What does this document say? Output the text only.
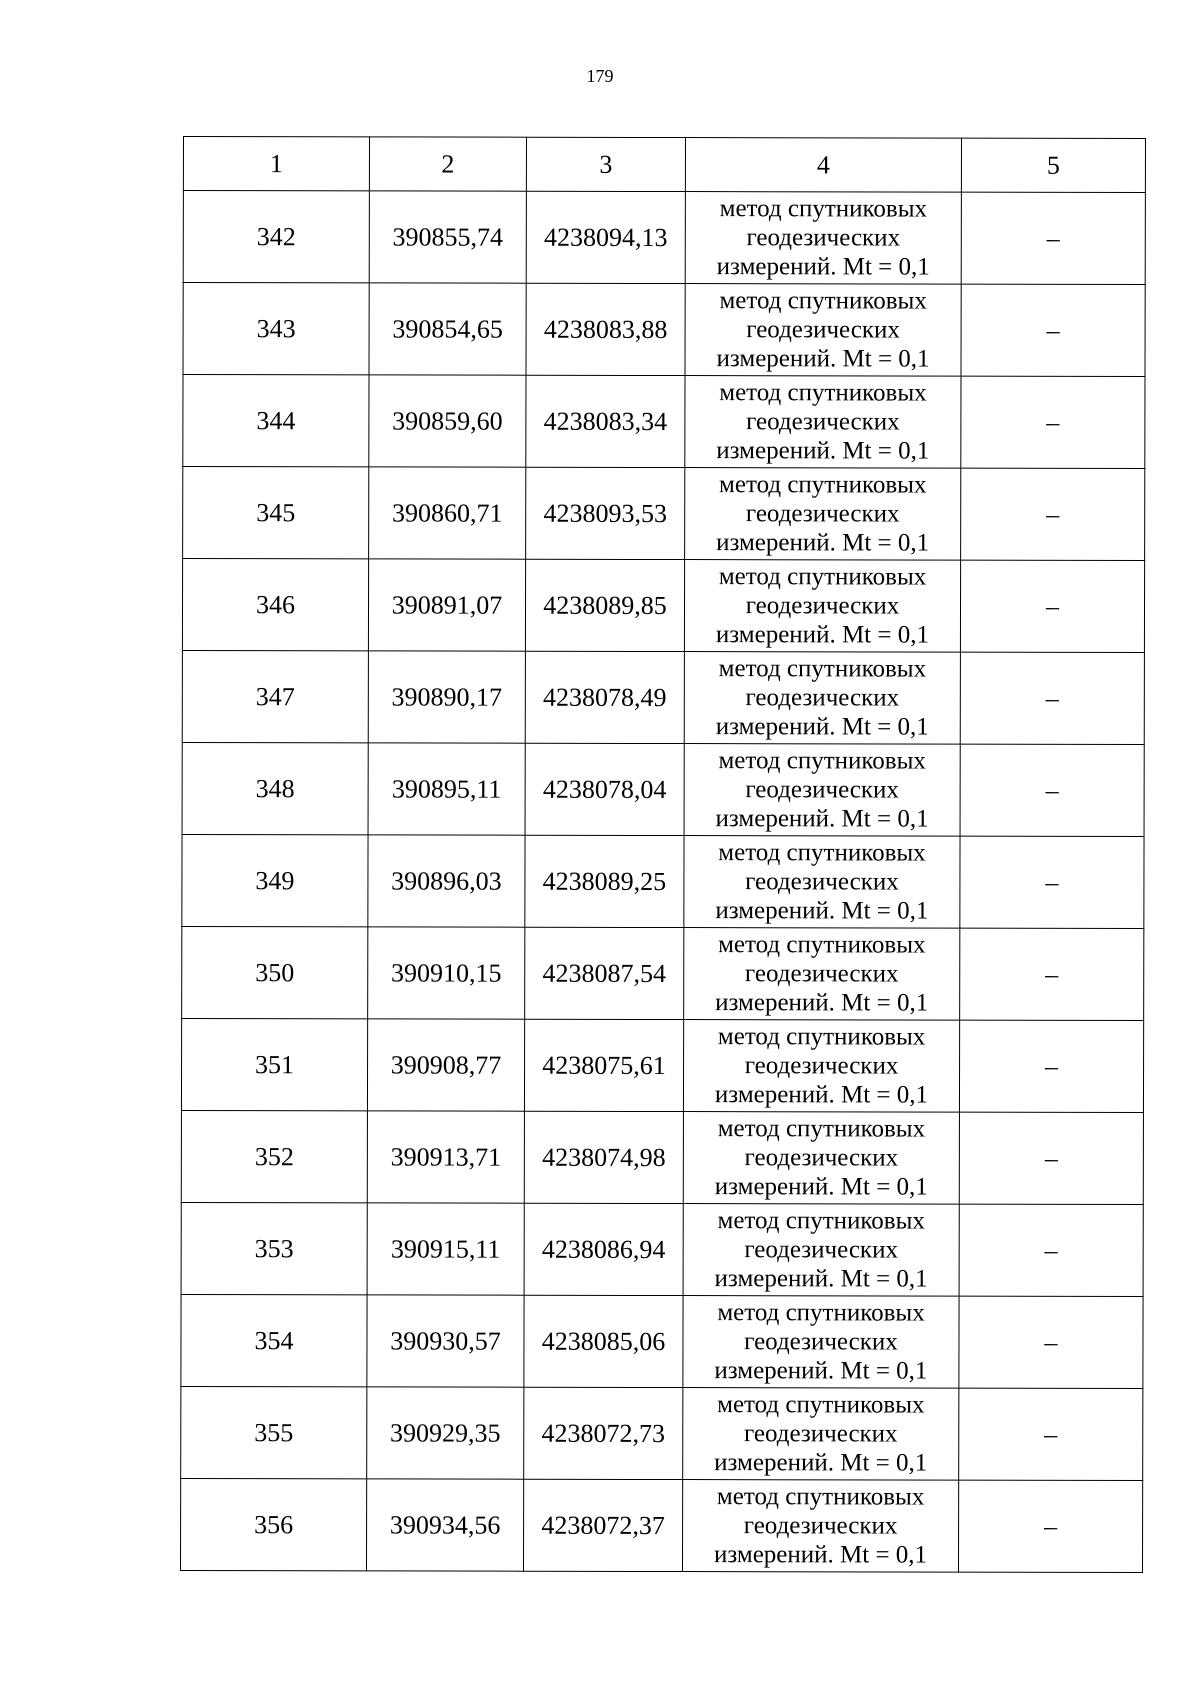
179
1	2	3	4	5
342	390855,74	4238094,13	метод спутниковых
геодезических
измерений. Mt = 0,1	–
343	390854,65	4238083,88	метод спутниковых
геодезических
измерений. Mt = 0,1	–
344	390859,60	4238083,34	метод спутниковых
геодезических
измерений. Mt = 0,1	–
345	390860,71	4238093,53	метод спутниковых
геодезических
измерений. Mt = 0,1	–
346	390891,07	4238089,85	метод спутниковых
геодезических
измерений. Mt = 0,1	–
347	390890,17	4238078,49	метод спутниковых
геодезических
измерений. Mt = 0,1	–
348	390895,11	4238078,04	метод спутниковых
геодезических
измерений. Mt = 0,1	–
349	390896,03	4238089,25	метод спутниковых
геодезических
измерений. Mt = 0,1	–
350	390910,15	4238087,54	метод спутниковых
геодезических
измерений. Mt = 0,1	–
351	390908,77	4238075,61	метод спутниковых
геодезических
измерений. Mt = 0,1	–
352	390913,71	4238074,98	метод спутниковых
геодезических
измерений. Mt = 0,1	–
353	390915,11	4238086,94	метод спутниковых
геодезических
измерений. Mt = 0,1	–
354	390930,57	4238085,06	метод спутниковых
геодезических
измерений. Mt = 0,1	–
355	390929,35	4238072,73	метод спутниковых
геодезических
измерений. Mt = 0,1	–
356	390934,56	4238072,37	метод спутниковых
геодезических
измерений. Mt = 0,1	–
